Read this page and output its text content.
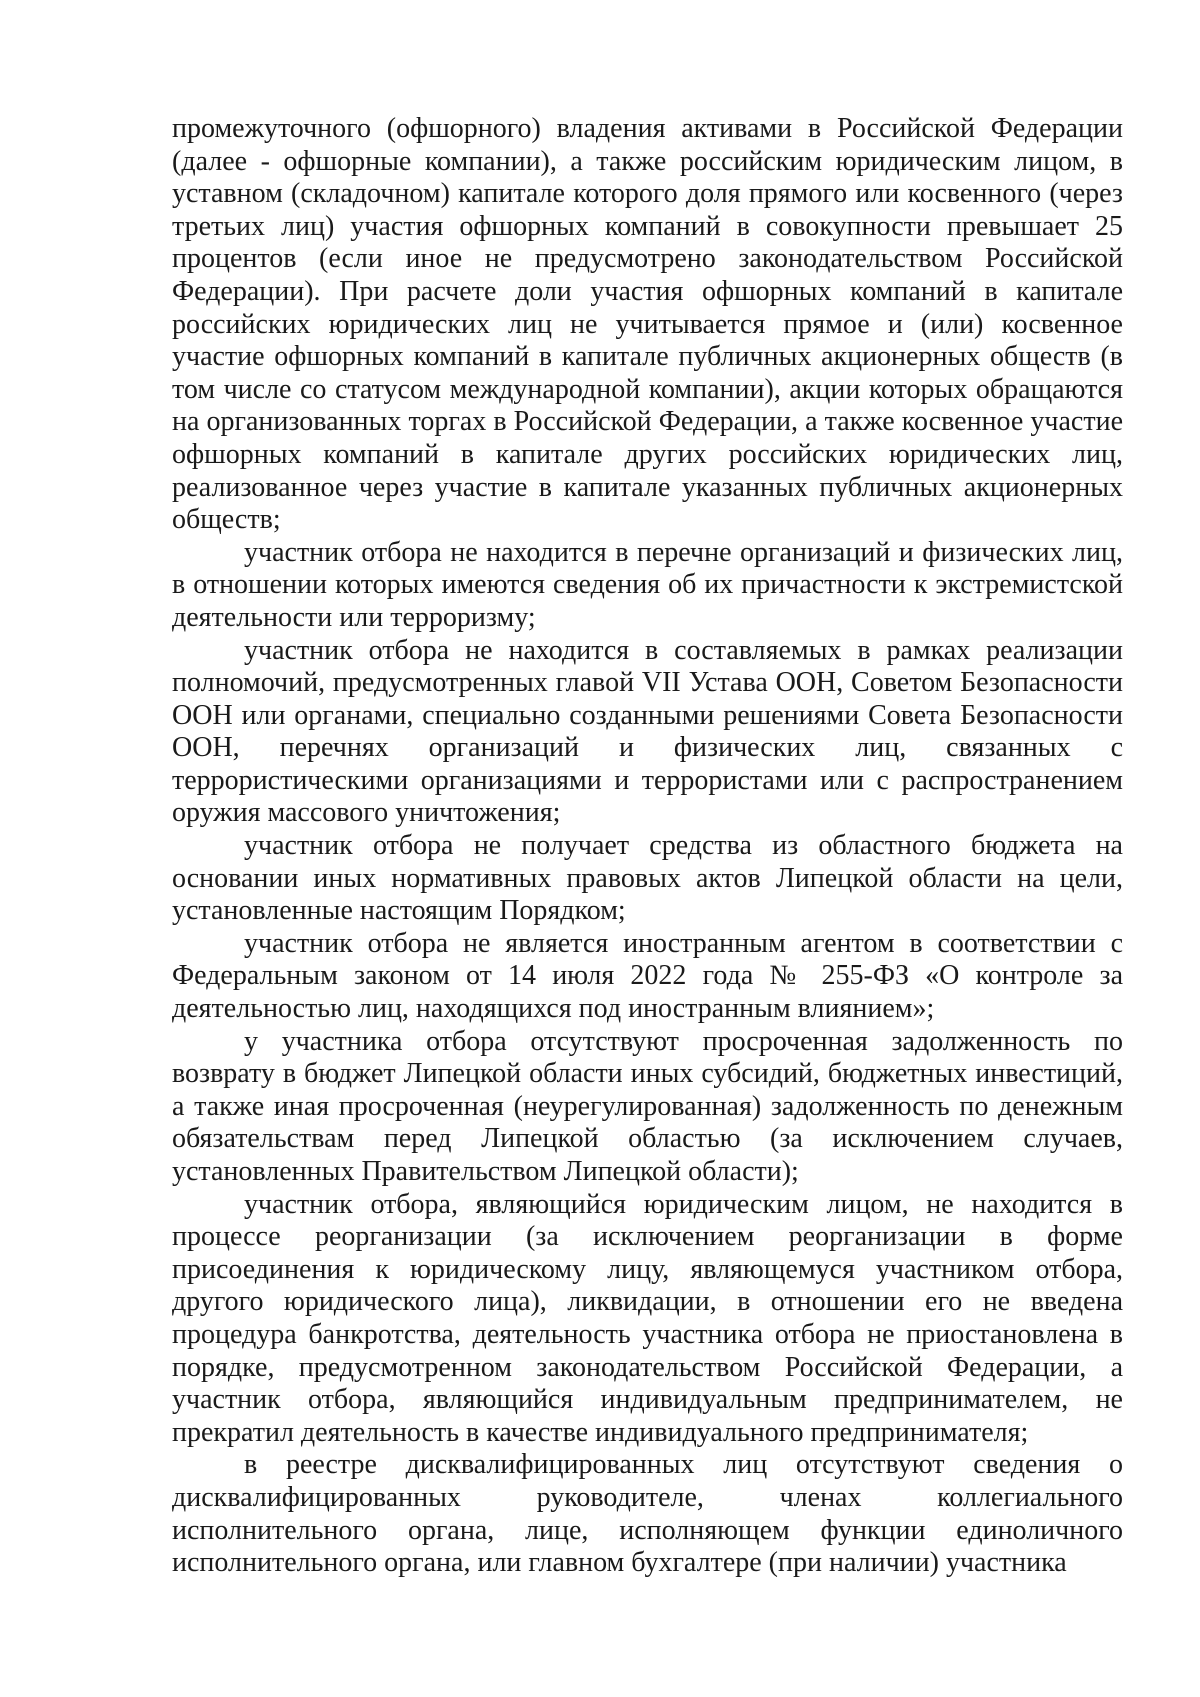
промежуточного (офшорного) владения активами в Российской Федерации (далее - офшорные компании), а также российским юридическим лицом, в уставном (складочном) капитале которого доля прямого или косвенного (через третьих лиц) участия офшорных компаний в совокупности превышает 25 процентов (если иное не предусмотрено законодательством Российской Федерации). При расчете доли участия офшорных компаний в капитале российских юридических лиц не учитывается прямое и (или) косвенное участие офшорных компаний в капитале публичных акционерных обществ (в том числе со статусом международной компании), акции которых обращаются на организованных торгах в Российской Федерации, а также косвенное участие офшорных компаний в капитале других российских юридических лиц, реализованное через участие в капитале указанных публичных акционерных обществ;

участник отбора не находится в перечне организаций и физических лиц, в отношении которых имеются сведения об их причастности к экстремистской деятельности или терроризму;

участник отбора не находится в составляемых в рамках реализации полномочий, предусмотренных главой VII Устава ООН, Советом Безопасности ООН или органами, специально созданными решениями Совета Безопасности ООН, перечнях организаций и физических лиц, связанных с террористическими организациями и террористами или с распространением оружия массового уничтожения;

участник отбора не получает средства из областного бюджета на основании иных нормативных правовых актов Липецкой области на цели, установленные настоящим Порядком;

участник отбора не является иностранным агентом в соответствии с Федеральным законом от 14 июля 2022 года № 255-ФЗ «О контроле за деятельностью лиц, находящихся под иностранным влиянием»;

у участника отбора отсутствуют просроченная задолженность по возврату в бюджет Липецкой области иных субсидий, бюджетных инвестиций, а также иная просроченная (неурегулированная) задолженность по денежным обязательствам перед Липецкой областью (за исключением случаев, установленных Правительством Липецкой области);

участник отбора, являющийся юридическим лицом, не находится в процессе реорганизации (за исключением реорганизации в форме присоединения к юридическому лицу, являющемуся участником отбора, другого юридического лица), ликвидации, в отношении его не введена процедура банкротства, деятельность участника отбора не приостановлена в порядке, предусмотренном законодательством Российской Федерации, а участник отбора, являющийся индивидуальным предпринимателем, не прекратил деятельность в качестве индивидуального предпринимателя;

в реестре дисквалифицированных лиц отсутствуют сведения о дисквалифицированных руководителе, членах коллегиального исполнительного органа, лице, исполняющем функции единоличного исполнительного органа, или главном бухгалтере (при наличии) участника
